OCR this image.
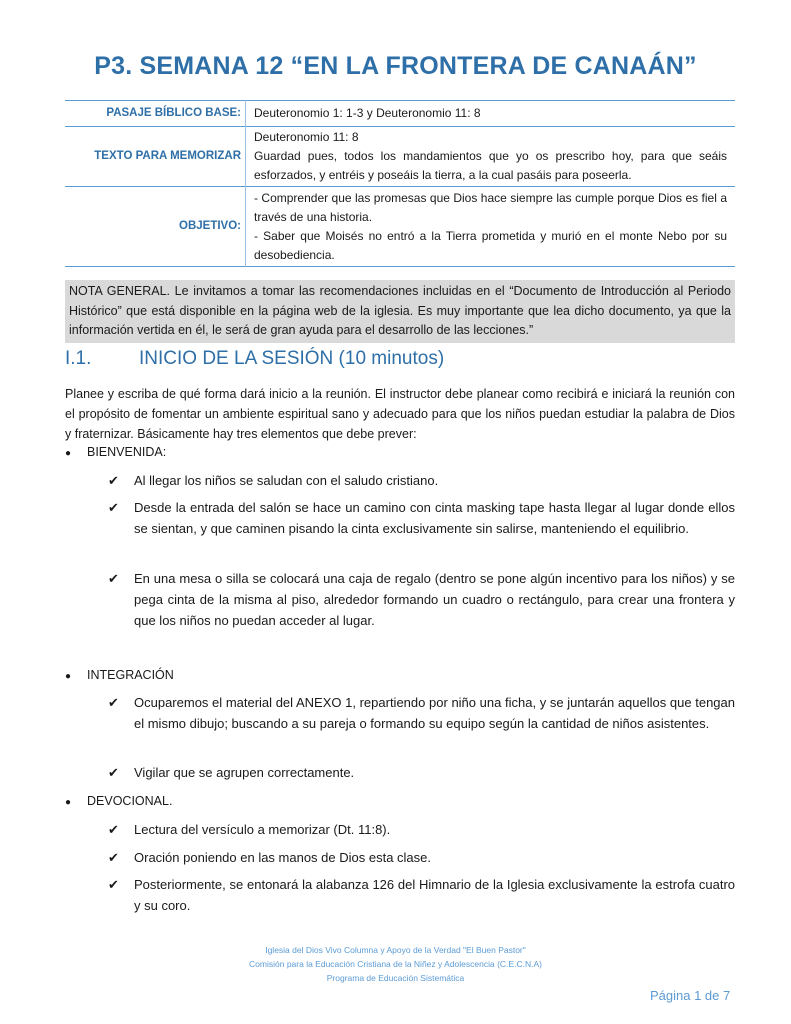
P3. SEMANA 12 “EN LA FRONTERA DE CANAÁN”
PASAJE BÍBLICO BASE:	Deuteronomio 1: 1-3 y Deuteronomio 11: 8
TEXTO PARA MEMORIZAR	Deuteronomio 11: 8

Guardad pues, todos los mandamientos que yo os prescribo hoy, para que seáis esforzados, y entréis y poseáis la tierra, a la cual pasáis para poseerla.

OBJETIVO:	- Comprender que las promesas que Dios hace siempre las cumple porque Dios es fiel a través de una historia.

- Saber que Moisés no entró a la Tierra prometida y murió en el monte Nebo por su desobediencia.

NOTA GENERAL. Le invitamos a tomar las recomendaciones incluidas en el “Documento de Introducción al Periodo Histórico” que está disponible en la página web de la iglesia. Es muy importante que lea dicho documento, ya que la información vertida en él, le será de gran ayuda para el desarrollo de las lecciones.”
I.1.	INICIO DE LA SESIÓN (10 minutos)
Planee y escriba de qué forma dará inicio a la reunión. El instructor debe planear como recibirá e iniciará la reunión con el propósito de fomentar un ambiente espiritual sano y adecuado para que los niños puedan estudiar la palabra de Dios y fraternizar. Básicamente hay tres elementos que debe prever:
● BIENVENIDA:
✔ Al llegar los niños se saludan con el saludo cristiano.
✔ Desde la entrada del salón se hace un camino con cinta masking tape hasta llegar al lugar donde ellos se sientan, y que caminen pisando la cinta exclusivamente sin salirse, manteniendo el equilibrio.
✔ En una mesa o silla se colocará una caja de regalo (dentro se pone algún incentivo para los niños) y se pega cinta de la misma al piso, alrededor formando un cuadro o rectángulo, para crear una frontera y que los niños no puedan acceder al lugar.
● INTEGRACIÓN
✔ Ocuparemos el material del ANEXO 1, repartiendo por niño una ficha, y se juntarán aquellos que tengan el mismo dibujo; buscando a su pareja o formando su equipo según la cantidad de niños asistentes.
✔ Vigilar que se agrupen correctamente.
● DEVOCIONAL.
✔ Lectura del versículo a memorizar (Dt. 11:8).
✔ Oración poniendo en las manos de Dios esta clase.
✔ Posteriormente, se entonará la alabanza 126 del Himnario de la Iglesia exclusivamente la estrofa cuatro y su coro.
Iglesia del Dios Vivo Columna y Apoyo de la Verdad "El Buen Pastor"
Comisión para la Educación Cristiana de la Niñez y Adolescencia (C.E.C.N.A)
Programa de Educación Sistemática
Página 1 de 7
